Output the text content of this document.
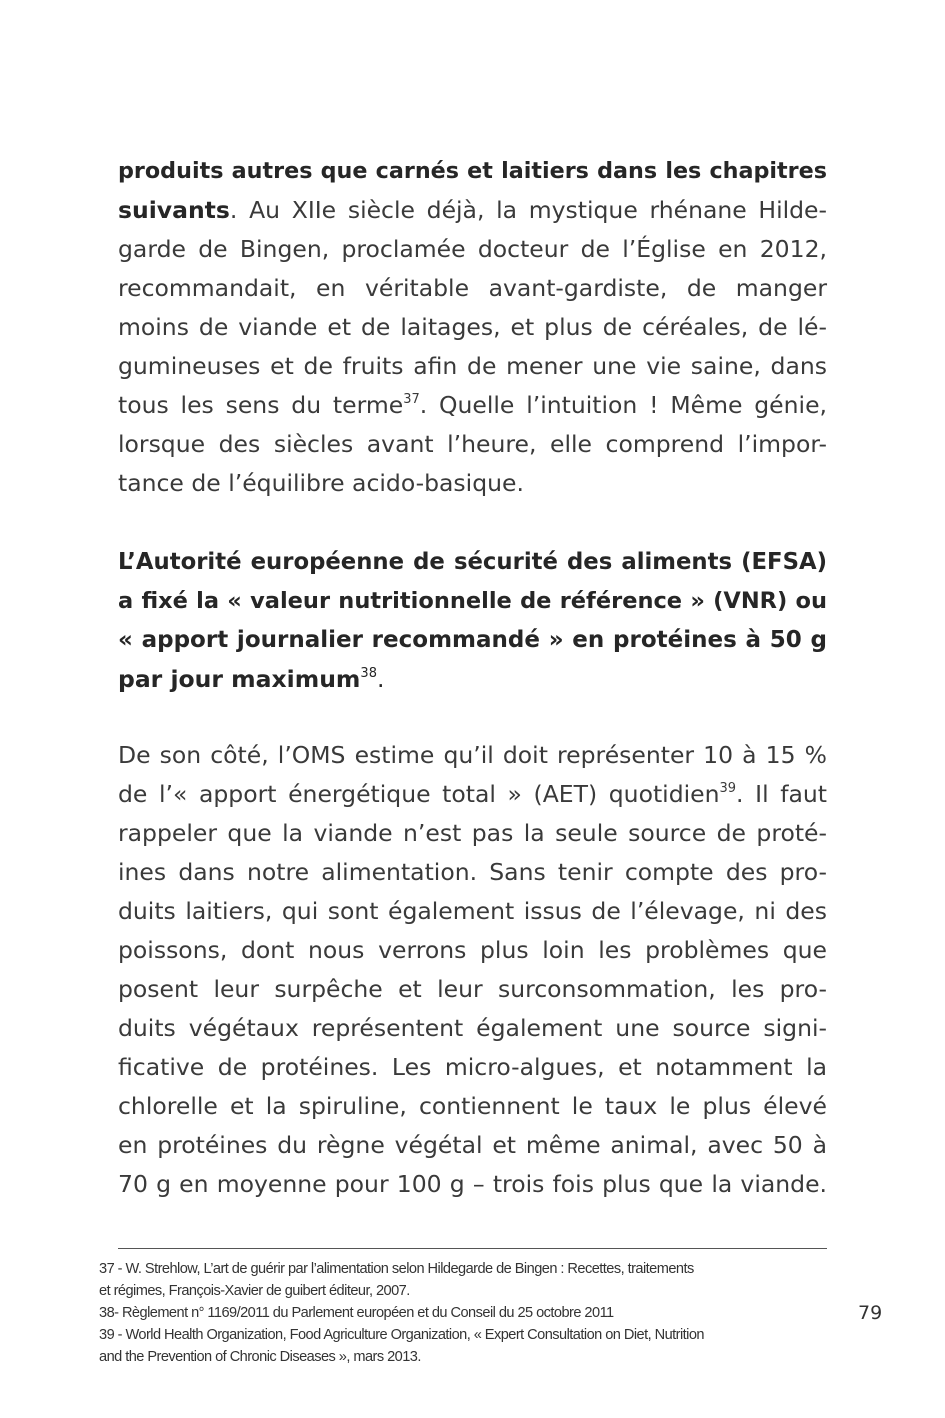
produits autres que carnés et laitiers dans les chapitres
suivants. Au XIIe siècle déjà, la mystique rhénane Hilde-
garde de Bingen, proclamée docteur de l’Église en 2012,
recommandait, en véritable avant-gardiste, de manger
moins de viande et de laitages, et plus de céréales, de lé-
gumineuses et de fruits afin de mener une vie saine, dans
tous les sens du terme$^{37}$. Quelle l’intuition ! Même génie,
lorsque des siècles avant l’heure, elle comprend l’impor-
tance de l’équilibre acido-basique.
L’Autorité européenne de sécurité des aliments (EFSA)
a fixé la « valeur nutritionnelle de référence » (VNR) ou
« apport journalier recommandé » en protéines à 50 g
par jour maximum$^{38}$.
De son côté, l’OMS estime qu’il doit représenter 10 à 15 %
de l’« apport énergétique total » (AET) quotidien$^{39}$. Il faut
rappeler que la viande n’est pas la seule source de proté-
ines dans notre alimentation. Sans tenir compte des pro-
duits laitiers, qui sont également issus de l’élevage, ni des
poissons, dont nous verrons plus loin les problèmes que
posent leur surpêche et leur surconsommation, les pro-
duits végétaux représentent également une source signi-
ficative de protéines. Les micro-algues, et notamment la
chlorelle et la spiruline, contiennent le taux le plus élevé
en protéines du règne végétal et même animal, avec 50 à
70 g en moyenne pour 100 g – trois fois plus que la viande.
37 - W. Strehlow, L’art de guérir par l’alimentation selon Hildegarde de Bingen : Recettes, traitements
et régimes, François-Xavier de guibert éditeur, 2007.
38- Règlement n° 1169/2011 du Parlement européen et du Conseil du 25 octobre 2011
39 - World Health Organization, Food Agriculture Organization, « Expert Consultation on Diet, Nutrition
and the Prevention of Chronic Diseases », mars 2013.
79
